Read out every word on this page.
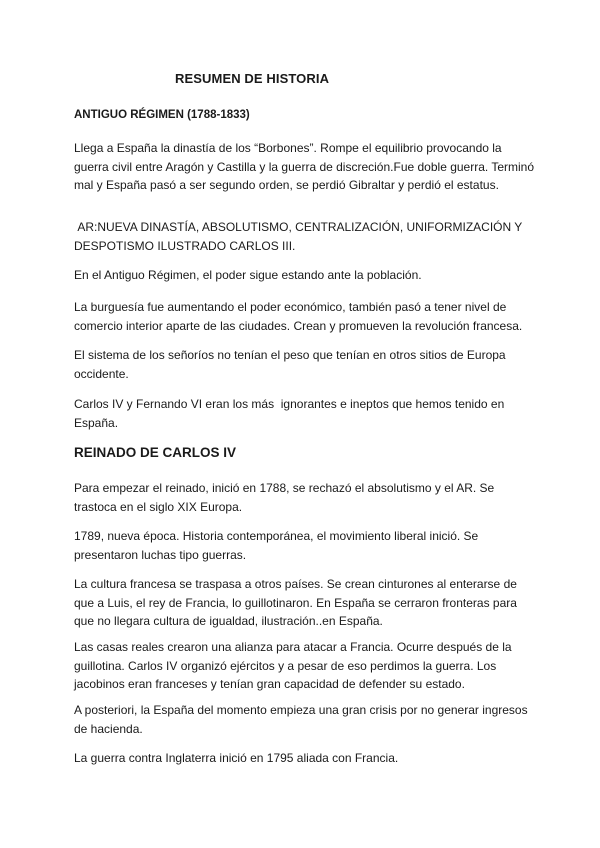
RESUMEN DE HISTORIA
ANTIGUO RÉGIMEN (1788-1833)

Llega a España la dinastía de los “Borbones”. Rompe el equilibrio provocando la guerra civil entre Aragón y Castilla y la guerra de discreción.Fue doble guerra. Terminó mal y España pasó a ser segundo orden, se perdió Gibraltar y perdió el estatus.

AR:NUEVA DINASTÍA, ABSOLUTISMO, CENTRALIZACIÓN, UNIFORMIZACIÓN Y DESPOTISMO ILUSTRADO CARLOS III.

En el Antiguo Régimen, el poder sigue estando ante la población.

La burguesía fue aumentando el poder económico, también pasó a tener nivel de comercio interior aparte de las ciudades. Crean y promueven la revolución francesa.

El sistema de los señoríos no tenían el peso que tenían en otros sitios de Europa occidente.

Carlos IV y Fernando VI eran los más  ignorantes e ineptos que hemos tenido en España.

REINADO DE CARLOS IV

Para empezar el reinado, inició en 1788, se rechazó el absolutismo y el AR. Se trastoca en el siglo XIX Europa.

1789, nueva época. Historia contemporánea, el movimiento liberal inició. Se presentaron luchas tipo guerras.

La cultura francesa se traspasa a otros países. Se crean cinturones al enterarse de que a Luis, el rey de Francia, lo guillotinaron. En España se cerraron fronteras para que no llegara cultura de igualdad, ilustración..en España.

Las casas reales crearon una alianza para atacar a Francia. Ocurre después de la guillotina. Carlos IV organizó ejércitos y a pesar de eso perdimos la guerra. Los jacobinos eran franceses y tenían gran capacidad de defender su estado.

A posteriori, la España del momento empieza una gran crisis por no generar ingresos de hacienda.

La guerra contra Inglaterra inició en 1795 aliada con Francia.
